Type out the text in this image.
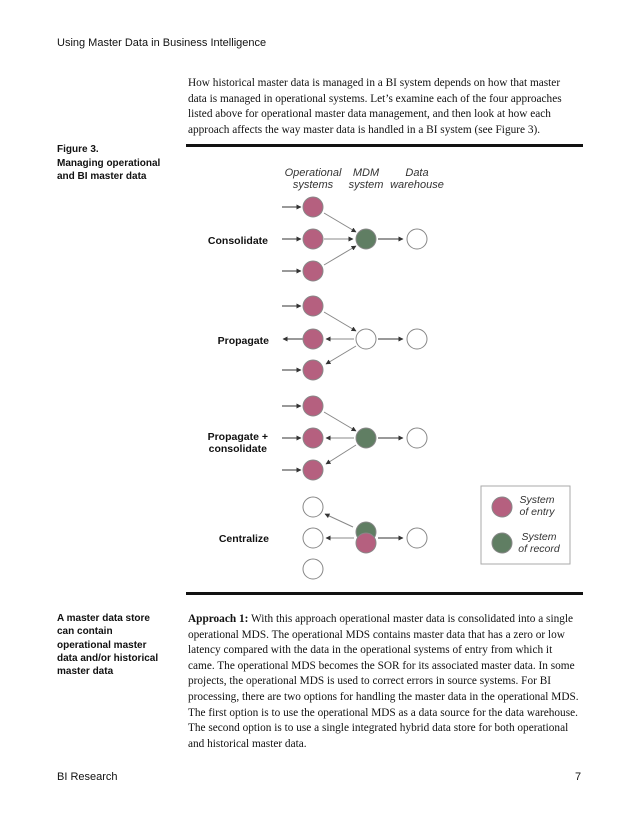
Using Master Data in Business Intelligence

How historical master data is managed in a BI system depends on how that master data is managed in operational systems. Let’s examine each of the four approaches listed above for operational master data management, and then look at how each approach affects the way master data is handled in a BI system (see Figure 3).

Figure 3.
Managing operational
and BI master data	Operational
systems
MDM
system
Data
warehouse
Consolidate
Propagate
Propagate +
consolidate
Centralize
System
of entry
System
of record
A master data store
can contain
operational master
data and/or historical
master data

Approach 1: With this approach operational master data is consolidated into a single operational MDS. The operational MDS contains master data that has a zero or low latency compared with the data in the operational systems of entry from which it came. The operational MDS becomes the SOR for its associated master data. In some projects, the operational MDS is used to correct errors in source systems. For BI processing, there are two options for handling the master data in the operational MDS. The first option is to use the operational MDS as a data source for the data warehouse. The second option is to use a single integrated hybrid data store for both operational and historical master data.

BI Research	7
